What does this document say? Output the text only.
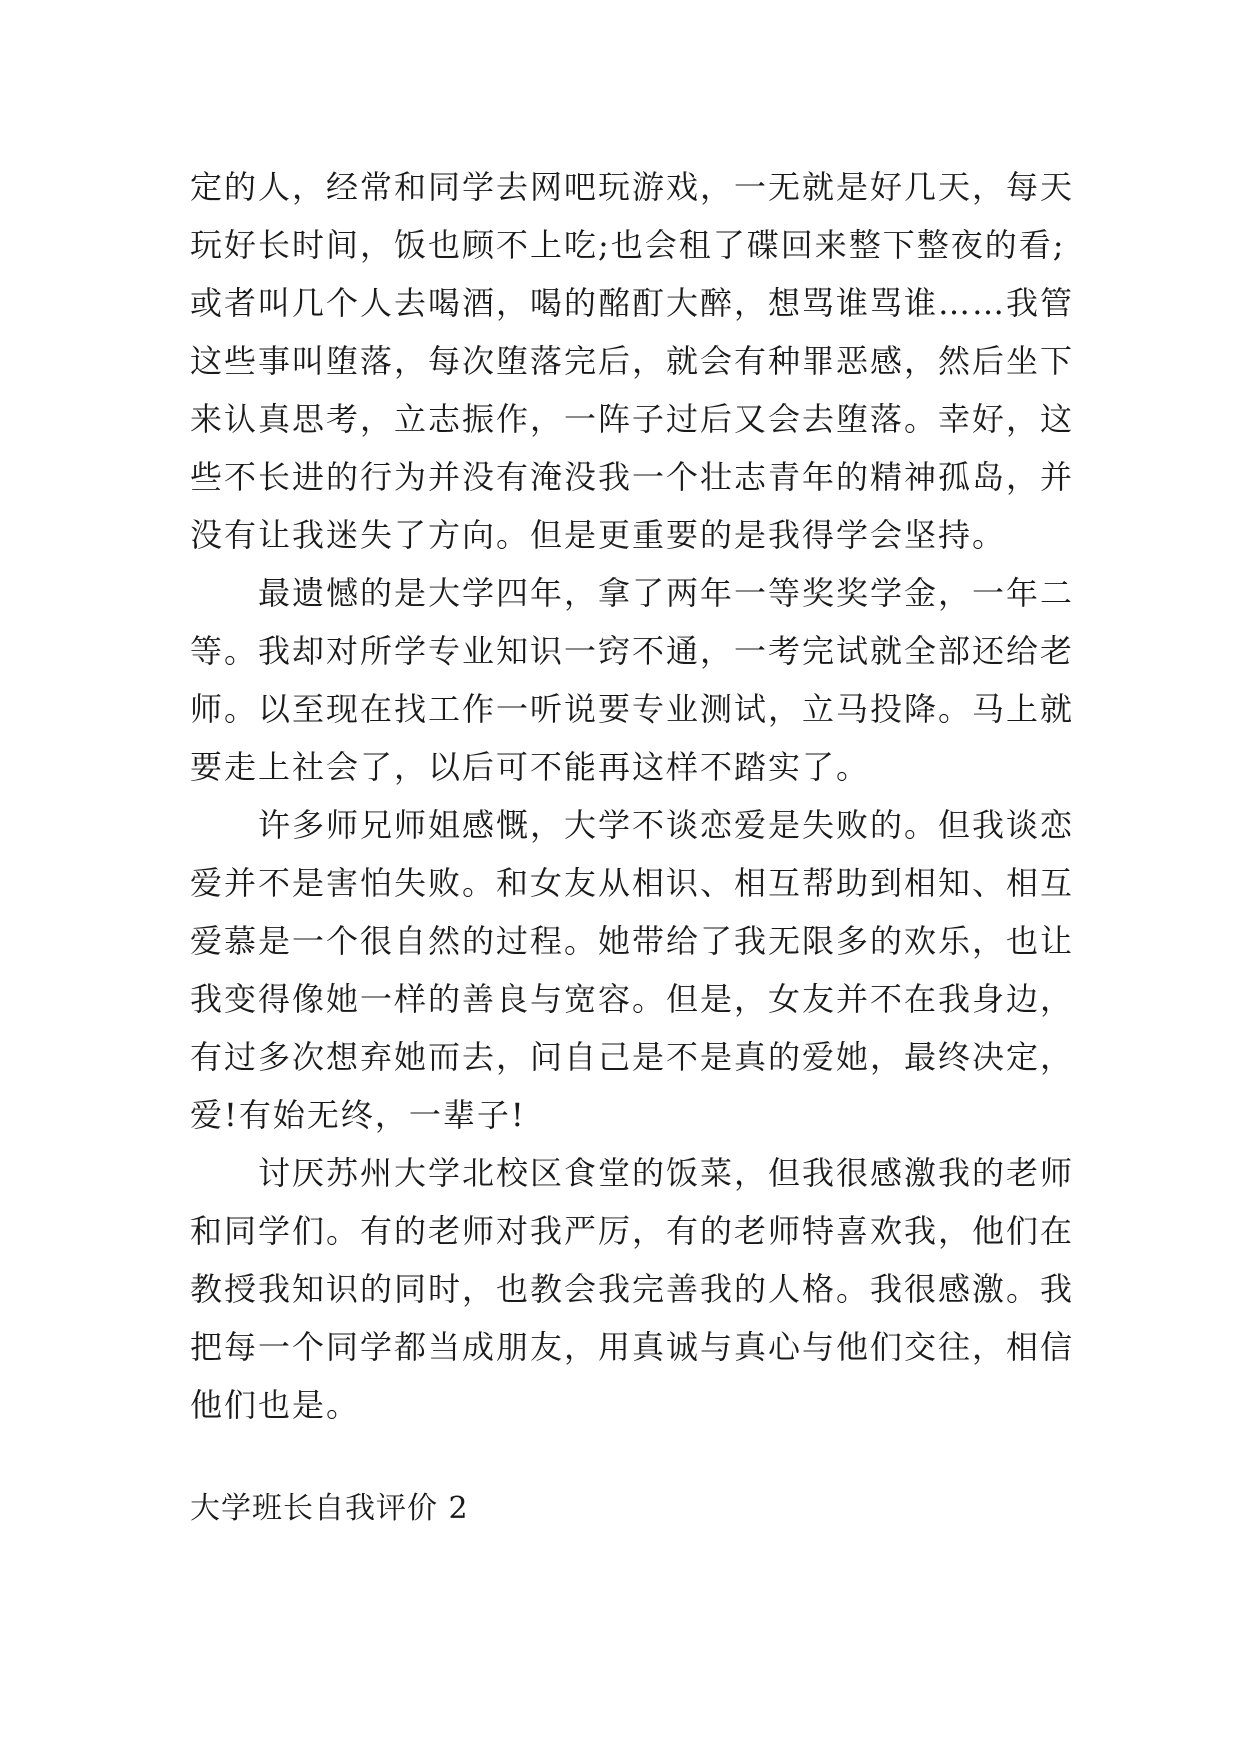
定的人，经常和同学去网吧玩游戏，一无就是好几天，每天
玩好长时间，饭也顾不上吃;也会租了碟回来整下整夜的看;
或者叫几个人去喝酒，喝的酩酊大醉，想骂谁骂谁……我管
这些事叫堕落，每次堕落完后，就会有种罪恶感，然后坐下
来认真思考，立志振作，一阵子过后又会去堕落。幸好，这
些不长进的行为并没有淹没我一个壮志青年的精神孤岛，并
没有让我迷失了方向。但是更重要的是我得学会坚持。
最遗憾的是大学四年，拿了两年一等奖奖学金，一年二
等。我却对所学专业知识一窍不通，一考完试就全部还给老
师。以至现在找工作一听说要专业测试，立马投降。马上就
要走上社会了，以后可不能再这样不踏实了。
许多师兄师姐感慨，大学不谈恋爱是失败的。但我谈恋
爱并不是害怕失败。和女友从相识、相互帮助到相知、相互
爱慕是一个很自然的过程。她带给了我无限多的欢乐，也让
我变得像她一样的善良与宽容。但是，女友并不在我身边，
有过多次想弃她而去，问自己是不是真的爱她，最终决定，
爱!有始无终，一辈子!
讨厌苏州大学北校区食堂的饭菜，但我很感激我的老师
和同学们。有的老师对我严厉，有的老师特喜欢我，他们在
教授我知识的同时，也教会我完善我的人格。我很感激。我
把每一个同学都当成朋友，用真诚与真心与他们交往，相信
他们也是。
大学班长自我评价 2
